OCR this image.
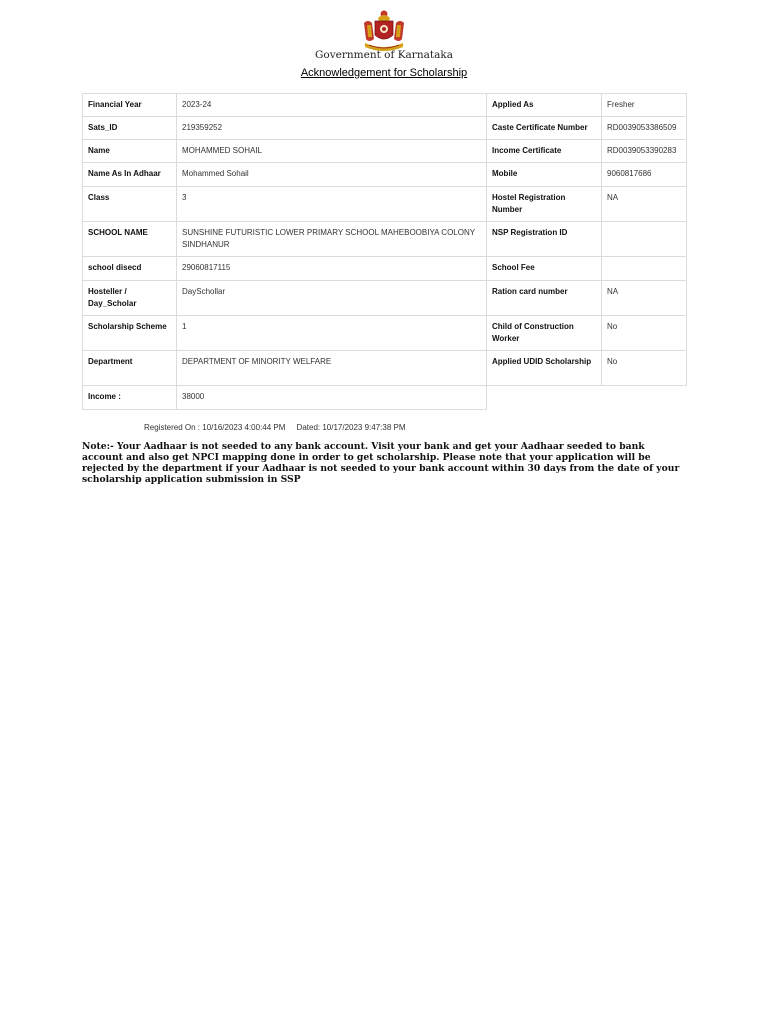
Government of Karnataka
Acknowledgement for Scholarship
Financial Year	2023-24	Applied As	Fresher
Sats_ID	219359252	Caste Certificate Number	RD0039053386509
Name	MOHAMMED SOHAIL	Income Certificate	RD0039053390283
Name As In Adhaar	Mohammed Sohail	Mobile	9060817686
Class	3	Hostel Registration Number	NA
SCHOOL NAME	SUNSHINE FUTURISTIC LOWER PRIMARY SCHOOL MAHEBOOBIYA COLONY SINDHANUR	NSP Registration ID	
school disecd	29060817115	School Fee	
Hosteller / Day_Scholar	DaySchollar	Ration card number	NA
Scholarship Scheme	1	Child of Construction Worker	No
Department	DEPARTMENT OF MINORITY WELFARE	Applied UDID Scholarship	No
Income :	38000		
Registered On : 10/16/2023 4:00:44 PM     Dated: 10/17/2023 9:47:38 PM
Note:- Your Aadhaar is not seeded to any bank account. Visit your bank and get your Aadhaar seeded to bank account and also get NPCI mapping done in order to get scholarship. Please note that your application will be rejected by the department if your Aadhaar is not seeded to your bank account within 30 days from the date of your scholarship application submission in SSP
